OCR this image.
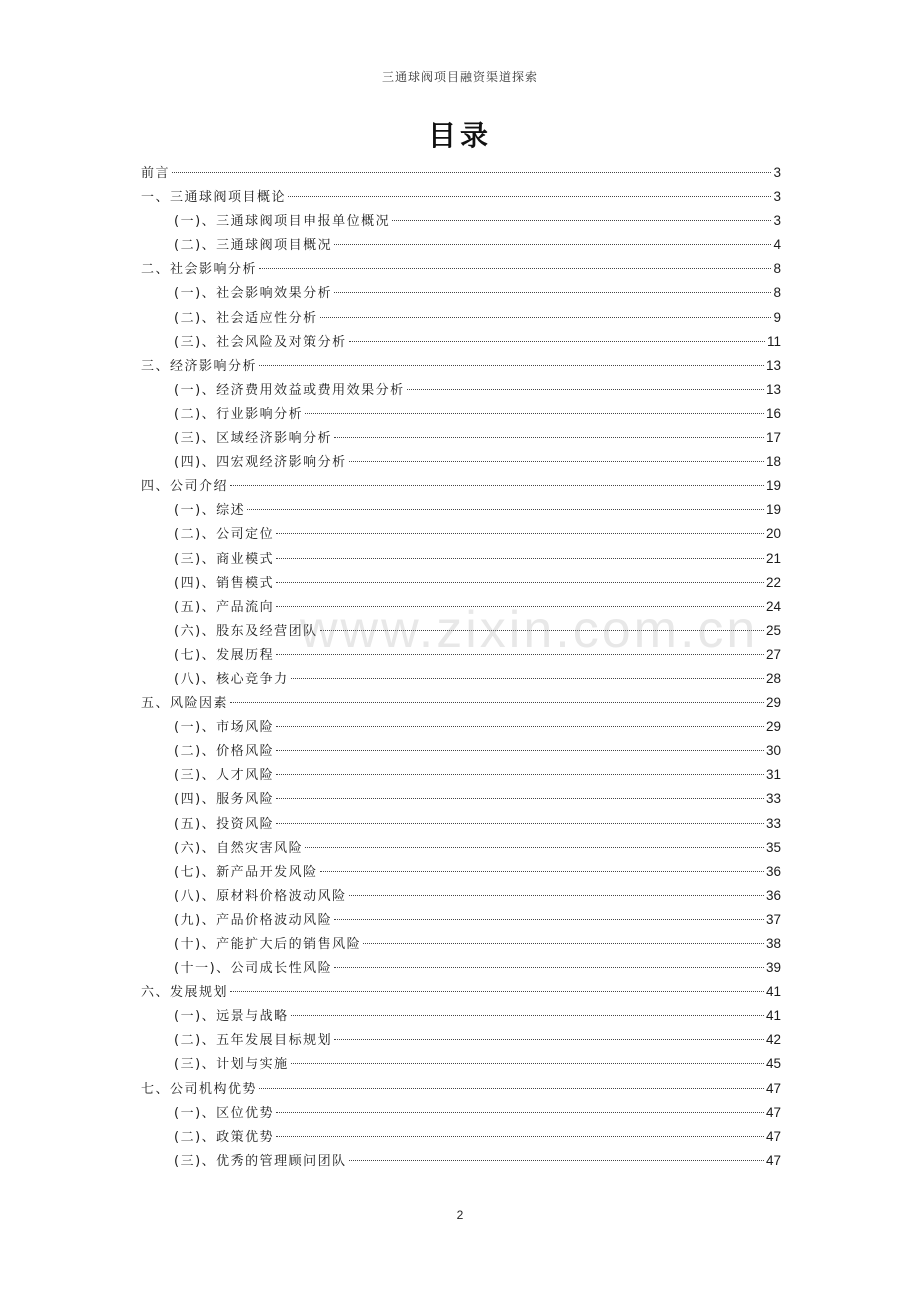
三通球阀项目融资渠道探索
目录
前言	3
一、三通球阀项目概论	3
(一)、三通球阀项目申报单位概况	3
(二)、三通球阀项目概况	4
二、社会影响分析	8
(一)、社会影响效果分析	8
(二)、社会适应性分析	9
(三)、社会风险及对策分析	11
三、经济影响分析	13
(一)、经济费用效益或费用效果分析	13
(二)、行业影响分析	16
(三)、区域经济影响分析	17
(四)、四宏观经济影响分析	18
四、公司介绍	19
(一)、综述	19
(二)、公司定位	20
(三)、商业模式	21
(四)、销售模式	22
(五)、产品流向	24
(六)、股东及经营团队	25
(七)、发展历程	27
(八)、核心竞争力	28
五、风险因素	29
(一)、市场风险	29
(二)、价格风险	30
(三)、人才风险	31
(四)、服务风险	33
(五)、投资风险	33
(六)、自然灾害风险	35
(七)、新产品开发风险	36
(八)、原材料价格波动风险	36
(九)、产品价格波动风险	37
(十)、产能扩大后的销售风险	38
(十一)、公司成长性风险	39
六、发展规划	41
(一)、远景与战略	41
(二)、五年发展目标规划	42
(三)、计划与实施	45
七、公司机构优势	47
(一)、区位优势	47
(二)、政策优势	47
(三)、优秀的管理顾问团队	47
www.zixin.com.cn
2
